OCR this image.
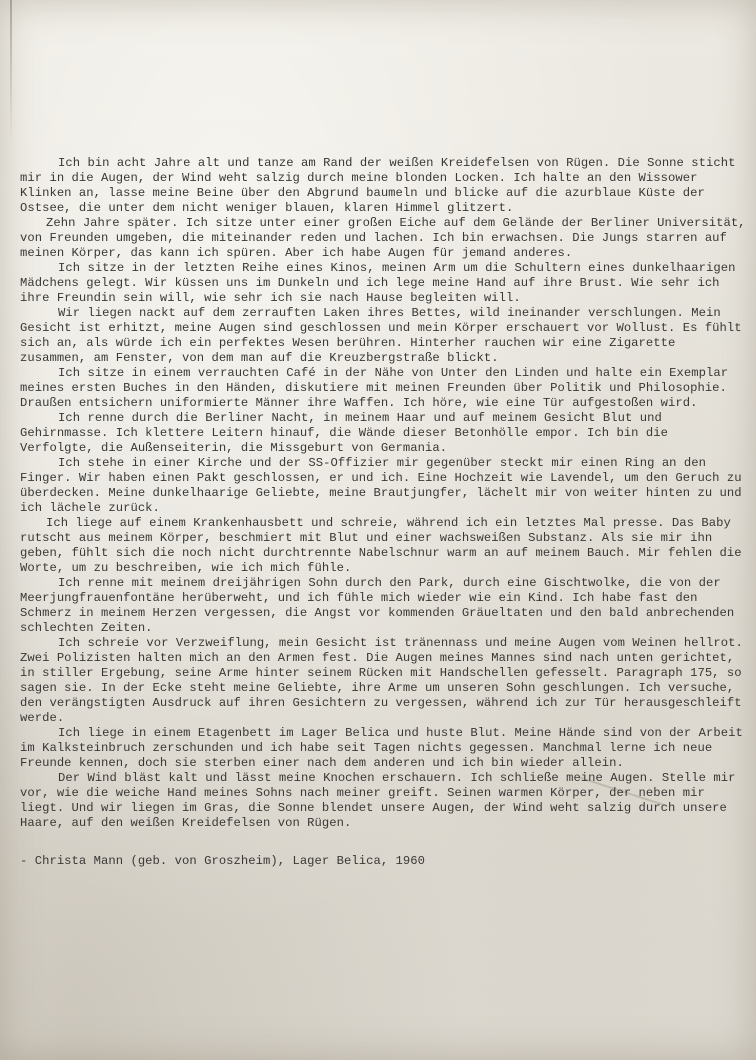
Ich bin acht Jahre alt und tanze am Rand der weißen Kreidefelsen von Rügen. Die Sonne sticht mir in die Augen, der Wind weht salzig durch meine blonden Locken. Ich halte an den Wissower Klinken an, lasse meine Beine über den Abgrund baumeln und blicke auf die azurblaue Küste der Ostsee, die unter dem nicht weniger blauen, klaren Himmel glitzert.

Zehn Jahre später. Ich sitze unter einer großen Eiche auf dem Gelände der Berliner Universität, von Freunden umgeben, die miteinander reden und lachen. Ich bin erwachsen. Die Jungs starren auf meinen Körper, das kann ich spüren. Aber ich habe Augen für jemand anderes.

Ich sitze in der letzten Reihe eines Kinos, meinen Arm um die Schultern eines dunkelhaarigen Mädchens gelegt. Wir küssen uns im Dunkeln und ich lege meine Hand auf ihre Brust. Wie sehr ich ihre Freundin sein will, wie sehr ich sie nach Hause begleiten will.

Wir liegen nackt auf dem zerrauften Laken ihres Bettes, wild ineinander verschlungen. Mein Gesicht ist erhitzt, meine Augen sind geschlossen und mein Körper erschauert vor Wollust. Es fühlt sich an, als würde ich ein perfektes Wesen berühren. Hinterher rauchen wir eine Zigarette zusammen, am Fenster, von dem man auf die Kreuzbergstraße blickt.

Ich sitze in einem verrauchten Café in der Nähe von Unter den Linden und halte ein Exemplar meines ersten Buches in den Händen, diskutiere mit meinen Freunden über Politik und Philosophie. Draußen entsichern uniformierte Männer ihre Waffen. Ich höre, wie eine Tür aufgestoßen wird.

Ich renne durch die Berliner Nacht, in meinem Haar und auf meinem Gesicht Blut und Gehirnmasse. Ich klettere Leitern hinauf, die Wände dieser Betonhölle empor. Ich bin die Verfolgte, die Außenseiterin, die Missgeburt von Germania.

Ich stehe in einer Kirche und der SS-Offizier mir gegenüber steckt mir einen Ring an den Finger. Wir haben einen Pakt geschlossen, er und ich. Eine Hochzeit wie Lavendel, um den Geruch zu überdecken. Meine dunkelhaarige Geliebte, meine Brautjungfer, lächelt mir von weiter hinten zu und ich lächele zurück.

Ich liege auf einem Krankenhausbett und schreie, während ich ein letztes Mal presse. Das Baby rutscht aus meinem Körper, beschmiert mit Blut und einer wachsweißen Substanz. Als sie mir ihn geben, fühlt sich die noch nicht durchtrennte Nabelschnur warm an auf meinem Bauch. Mir fehlen die Worte, um zu beschreiben, wie ich mich fühle.

Ich renne mit meinem dreijährigen Sohn durch den Park, durch eine Gischtwolke, die von der Meerjungfrauenfontäne herüberweht, und ich fühle mich wieder wie ein Kind. Ich habe fast den Schmerz in meinem Herzen vergessen, die Angst vor kommenden Gräueltaten und den bald anbrechenden schlechten Zeiten.

Ich schreie vor Verzweiflung, mein Gesicht ist tränennass und meine Augen vom Weinen hellrot. Zwei Polizisten halten mich an den Armen fest. Die Augen meines Mannes sind nach unten gerichtet, in stiller Ergebung, seine Arme hinter seinem Rücken mit Handschellen gefesselt. Paragraph 175, so sagen sie. In der Ecke steht meine Geliebte, ihre Arme um unseren Sohn geschlungen. Ich versuche, den verängstigten Ausdruck auf ihren Gesichtern zu vergessen, während ich zur Tür herausgeschleift werde.

Ich liege in einem Etagenbett im Lager Belica und huste Blut. Meine Hände sind von der Arbeit im Kalksteinbruch zerschunden und ich habe seit Tagen nichts gegessen. Manchmal lerne ich neue Freunde kennen, doch sie sterben einer nach dem anderen und ich bin wieder allein.

Der Wind bläst kalt und lässt meine Knochen erschauern. Ich schließe meine Augen. Stelle mir vor, wie die weiche Hand meines Sohns nach meiner greift. Seinen warmen Körper, der neben mir liegt. Und wir liegen im Gras, die Sonne blendet unsere Augen, der Wind weht salzig durch unsere Haare, auf den weißen Kreidefelsen von Rügen.

- Christa Mann (geb. von Groszheim), Lager Belica, 1960
